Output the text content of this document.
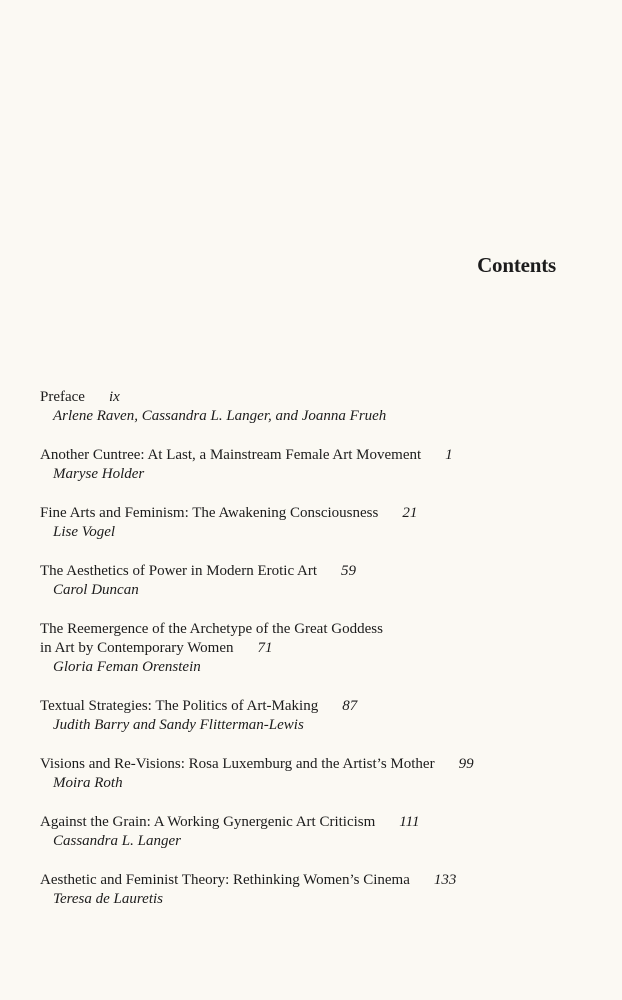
Contents
Preface ix
Arlene Raven, Cassandra L. Langer, and Joanna Frueh
Another Cuntree: At Last, a Mainstream Female Art Movement 1
Maryse Holder
Fine Arts and Feminism: The Awakening Consciousness 21
Lise Vogel
The Aesthetics of Power in Modern Erotic Art 59
Carol Duncan
The Reemergence of the Archetype of the Great Goddess
in Art by Contemporary Women 71
Gloria Feman Orenstein
Textual Strategies: The Politics of Art-Making 87
Judith Barry and Sandy Flitterman-Lewis
Visions and Re-Visions: Rosa Luxemburg and the Artist’s Mother 99
Moira Roth
Against the Grain: A Working Gynergenic Art Criticism 111
Cassandra L. Langer
Aesthetic and Feminist Theory: Rethinking Women’s Cinema 133
Teresa de Lauretis
